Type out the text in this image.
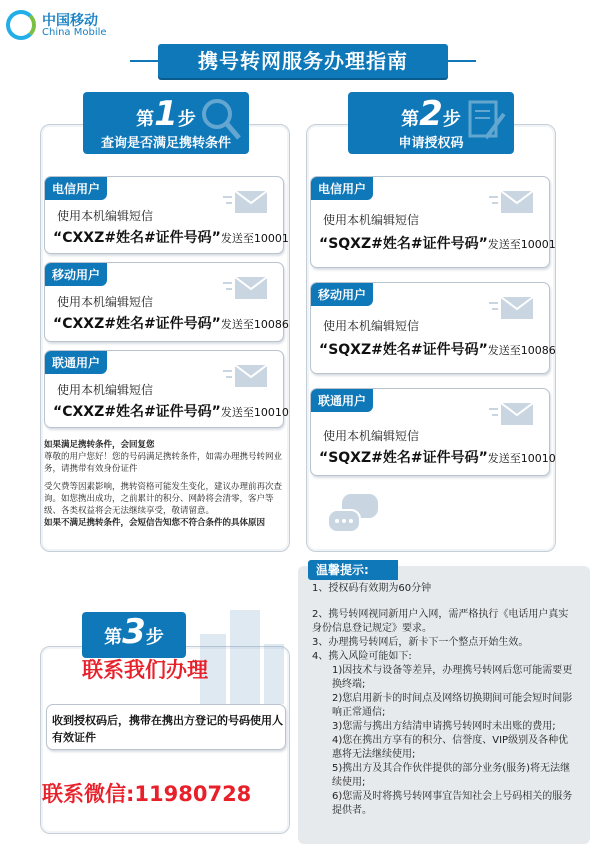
中国移动
China Mobile
携号转网服务办理指南
第1步
查询是否满足携转条件
电信用户
使用本机编辑短信
“CXXZ#姓名#证件号码”发送至10001
移动用户
使用本机编辑短信
“CXXZ#姓名#证件号码”发送至10086
联通用户
使用本机编辑短信
“CXXZ#姓名#证件号码”发送至10010
如果满足携转条件，会回复您
尊敬的用户您好！您的号码满足携转条件，如需办理携号转网业务，请携带有效身份证件
受欠费等因素影响，携转资格可能发生变化，建议办理前再次查询。如您携出成功，之前累计的积分、网龄将会清零，客户等级、各类权益将会无法继续享受，敬请留意。
如果不满足携转条件，会短信告知您不符合条件的具体原因
第2步
申请授权码
电信用户
使用本机编辑短信
“SQXZ#姓名#证件号码”发送至10001
移动用户
使用本机编辑短信
“SQXZ#姓名#证件号码”发送至10086
联通用户
使用本机编辑短信
“SQXZ#姓名#证件号码”发送至10010
温馨提示:
1、授权码有效期为60分钟
2、携号转网视同新用户入网，需严格执行《电话用户真实身份信息登记规定》要求。
3、办理携号转网后，新卡下一个整点开始生效。
4、携入风险可能如下:
1)因技术与设备等差异，办理携号转网后您可能需要更换终端;
2)您启用新卡的时间点及网络切换期间可能会短时间影响正常通信;
3)您需与携出方结清申请携号转网时未出账的费用;
4)您在携出方享有的积分、信誉度、VIP级别及各种优惠将无法继续使用;
5)携出方及其合作伙伴提供的部分业务(服务)将无法继续使用;
6)您需及时将携号转网事宜告知社会上号码相关的服务提供者。
第3步
联系我们办理
收到授权码后，携带在携出方登记的号码使用人有效证件
联系微信:11980728
